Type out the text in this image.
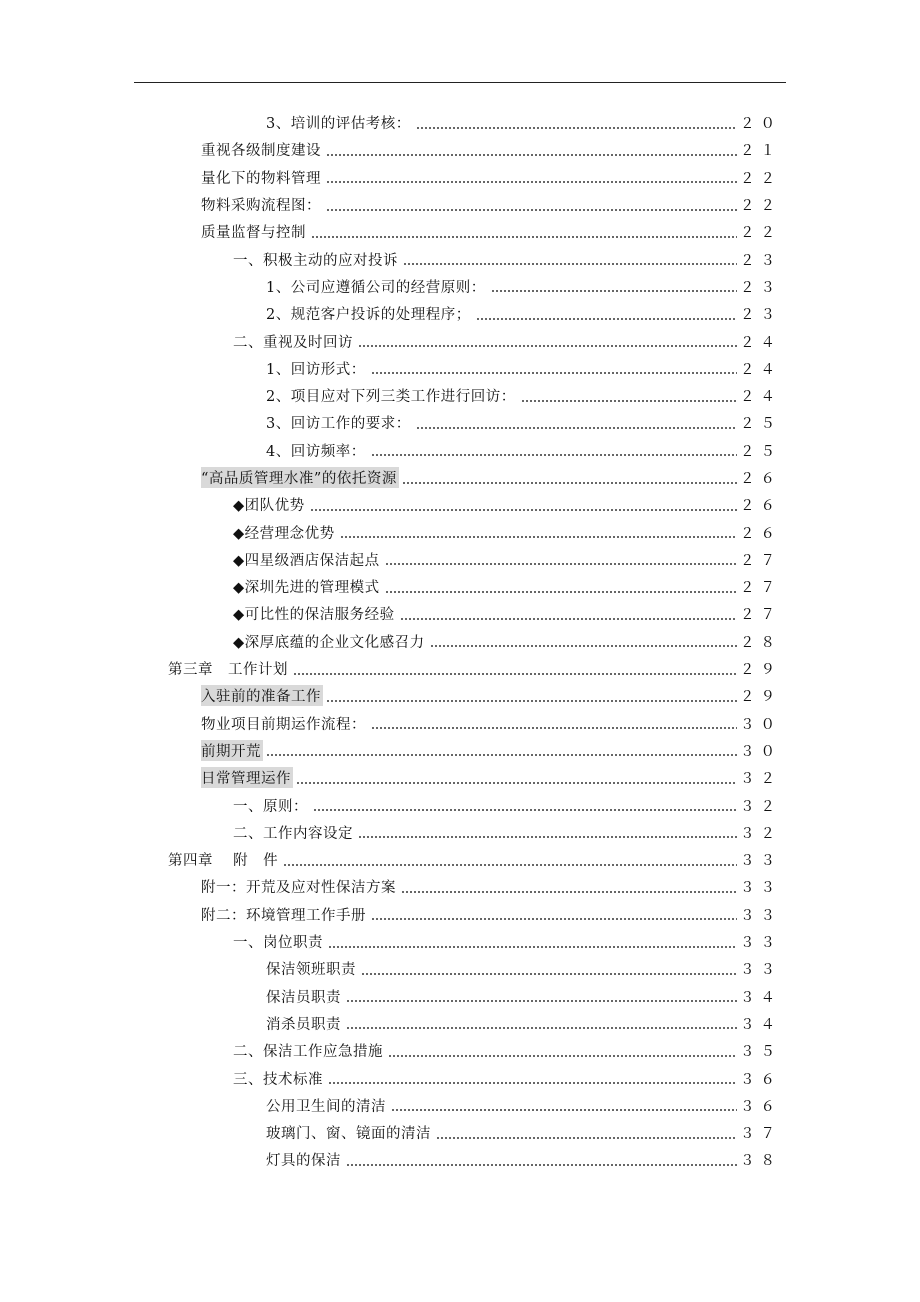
3、培训的评估考核：	２０
重视各级制度建设	２１
量化下的物料管理	２２
物料采购流程图：	２２
质量监督与控制	２２
一、积极主动的应对投诉	２３
1、公司应遵循公司的经营原则：	２３
2、规范客户投诉的处理程序；	２３
二、重视及时回访	２４
1、回访形式：	２４
2、项目应对下列三类工作进行回访：	２４
3、回访工作的要求：	２５
4、回访频率：	２５
“高品质管理水准”的依托资源	２６
◆团队优势	２６
◆经营理念优势	２６
◆四星级酒店保洁起点	２７
◆深圳先进的管理模式	２７
◆可比性的保洁服务经验	２７
◆深厚底蕴的企业文化感召力	２８
第三章　工作计划	２９
入驻前的准备工作	２９
物业项目前期运作流程：	３０
前期开荒	３０
日常管理运作	３２
一、原则：	３２
二、工作内容设定	３２
第四章　 附　件	３３
附一：开荒及应对性保洁方案	３３
附二：环境管理工作手册	３３
一、岗位职责	３３
保洁领班职责	３３
保洁员职责	３４
消杀员职责	３４
二、保洁工作应急措施	３５
三、技术标准	３６
公用卫生间的清洁	３６
玻璃门、窗、镜面的清洁	３７
灯具的保洁	３８
